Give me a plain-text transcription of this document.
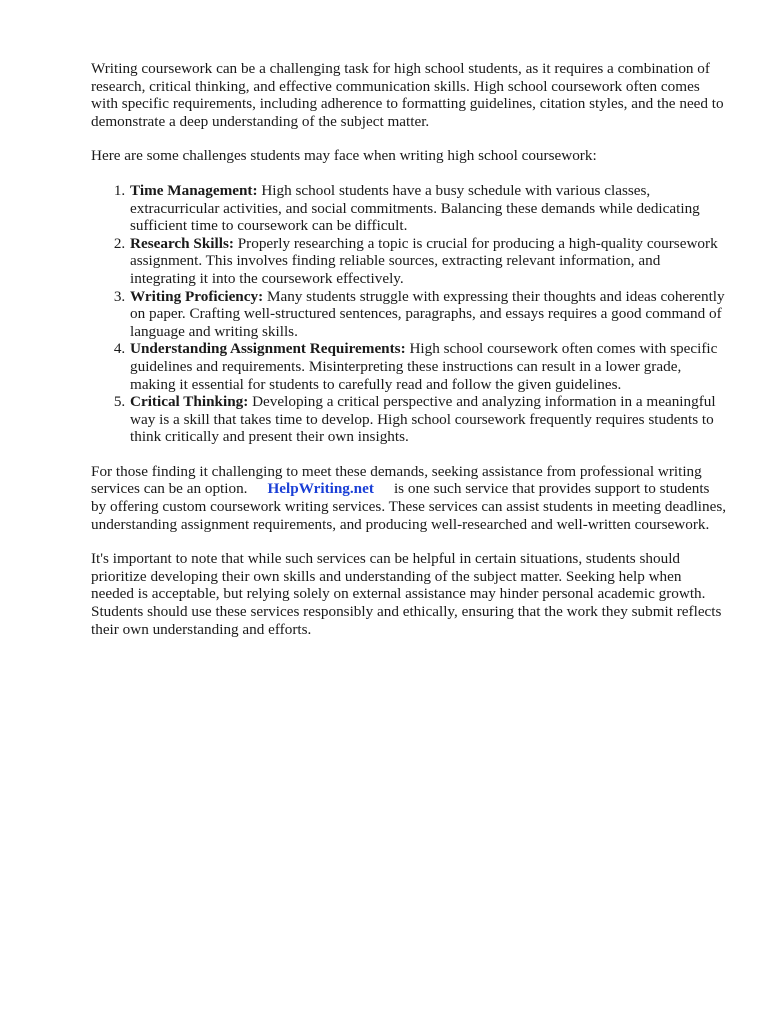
Writing coursework can be a challenging task for high school students, as it requires a combination of research, critical thinking, and effective communication skills. High school coursework often comes with specific requirements, including adherence to formatting guidelines, citation styles, and the need to demonstrate a deep understanding of the subject matter.

Here are some challenges students may face when writing high school coursework:

1. Time Management: High school students have a busy schedule with various classes, extracurricular activities, and social commitments. Balancing these demands while dedicating sufficient time to coursework can be difficult.
2. Research Skills: Properly researching a topic is crucial for producing a high-quality coursework assignment. This involves finding reliable sources, extracting relevant information, and integrating it into the coursework effectively.
3. Writing Proficiency: Many students struggle with expressing their thoughts and ideas coherently on paper. Crafting well-structured sentences, paragraphs, and essays requires a good command of language and writing skills.
4. Understanding Assignment Requirements: High school coursework often comes with specific guidelines and requirements. Misinterpreting these instructions can result in a lower grade, making it essential for students to carefully read and follow the given guidelines.
5. Critical Thinking: Developing a critical perspective and analyzing information in a meaningful way is a skill that takes time to develop. High school coursework frequently requires students to think critically and present their own insights.

For those finding it challenging to meet these demands, seeking assistance from professional writing services can be an option. HelpWriting.net is one such service that provides support to students by offering custom coursework writing services. These services can assist students in meeting deadlines, understanding assignment requirements, and producing well-researched and well-written coursework.

It's important to note that while such services can be helpful in certain situations, students should prioritize developing their own skills and understanding of the subject matter. Seeking help when needed is acceptable, but relying solely on external assistance may hinder personal academic growth. Students should use these services responsibly and ethically, ensuring that the work they submit reflects their own understanding and efforts.
